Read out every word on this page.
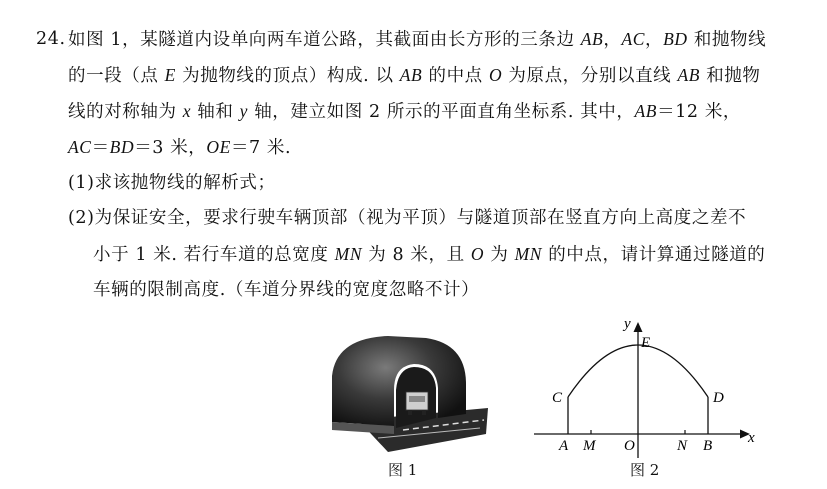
24. 如图 1，某隧道内设单向两车道公路，其截面由长方形的三条边 AB，AC，BD 和抛物线
的一段（点 E 为抛物线的顶点）构成. 以 AB 的中点 O 为原点，分别以直线 AB 和抛物
线的对称轴为 x 轴和 y 轴，建立如图 2 所示的平面直角坐标系. 其中，AB＝12 米，
AC＝BD＝3 米，OE＝7 米.
(1)求该抛物线的解析式；
(2)为保证安全，要求行驶车辆顶部（视为平顶）与隧道顶部在竖直方向上高度之差不
小于 1 米. 若行车道的总宽度 MN 为 8 米，且 O 为 MN 的中点，请计算通过隧道的
车辆的限制高度.（车道分界线的宽度忽略不计）
图 1
y
E
C	D
A M O	N B x
图 2
